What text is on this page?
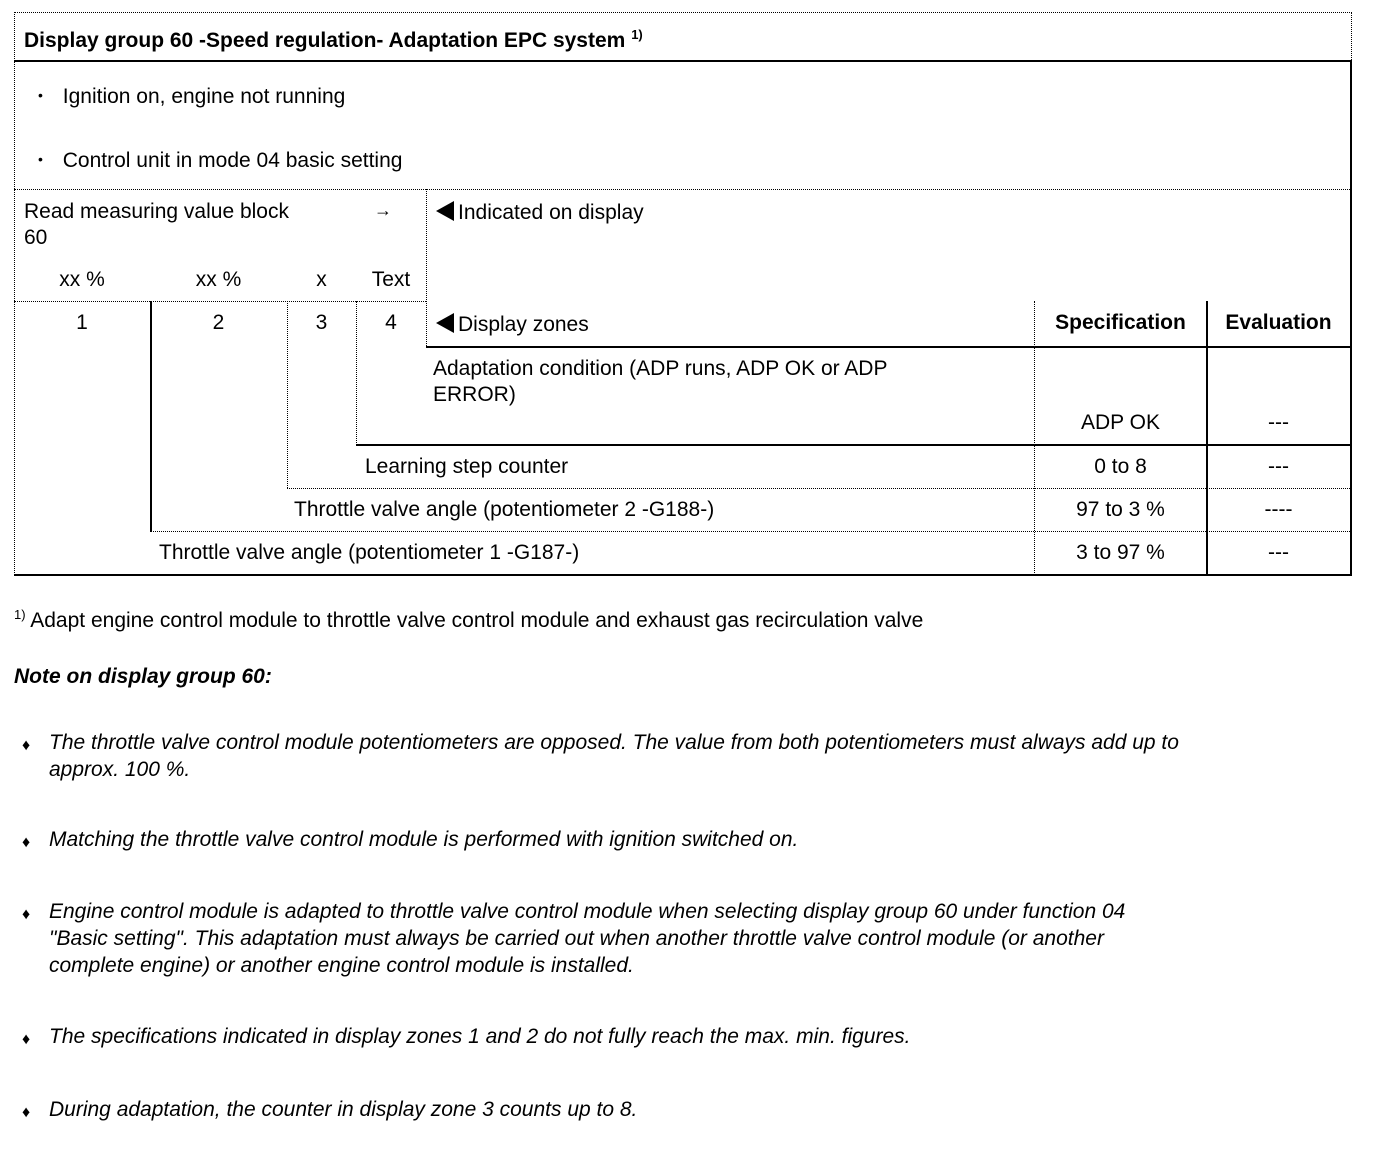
Display group 60 -Speed regulation- Adaptation EPC system $^{1)}$
• Ignition on, engine not running
• Control unit in mode 04 basic setting
Read measuring value block
60
→
xx %	xx %	x	Text
Indicated on display
Display zones	Specification	Evaluation
1	2	3	4
Adaptation condition (ADP runs, ADP OK or ADP
ERROR)
ADP OK	---
Learning step counter	0 to 8	---
Throttle valve angle (potentiometer 2 -G188-)	97 to 3 %	----
Throttle valve angle (potentiometer 1 -G187-)	3 to 97 %	---
$^{1)}$ Adapt engine control module to throttle valve control module and exhaust gas recirculation valve
Note on display group 60:
♦ The throttle valve control module potentiometers are opposed. The value from both potentiometers must always add up to
approx. 100 %.
♦ Matching the throttle valve control module is performed with ignition switched on.
♦ Engine control module is adapted to throttle valve control module when selecting display group 60 under function 04
"Basic setting". This adaptation must always be carried out when another throttle valve control module (or another
complete engine) or another engine control module is installed.
♦ The specifications indicated in display zones 1 and 2 do not fully reach the max. min. figures.
♦ During adaptation, the counter in display zone 3 counts up to 8.
